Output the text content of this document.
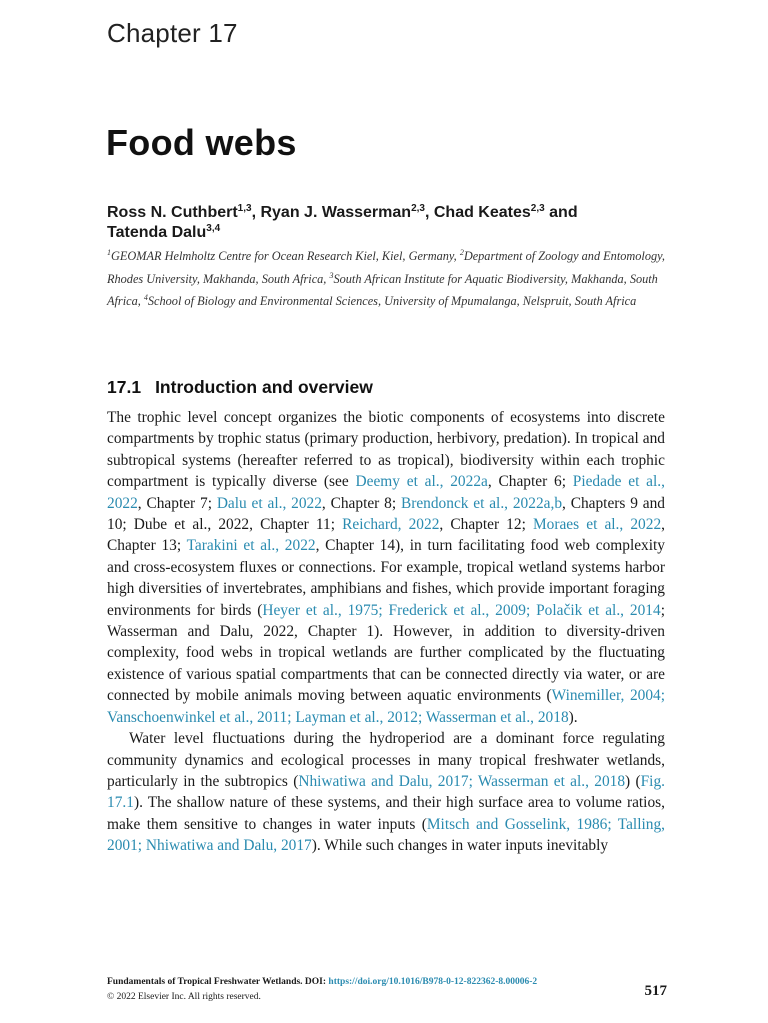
Chapter 17
Food webs
Ross N. Cuthbert$^{1,3}$, Ryan J. Wasserman$^{2,3}$, Chad Keates$^{2,3}$ and
Tatenda Dalu$^{3,4}$
$^1$GEOMAR Helmholtz Centre for Ocean Research Kiel, Kiel, Germany, $^2$Department of Zoology and Entomology, Rhodes University, Makhanda, South Africa, $^3$South African Institute for Aquatic Biodiversity, Makhanda, South Africa, $^4$School of Biology and Environmental Sciences, University of Mpumalanga, Nelspruit, South Africa
17.1 Introduction and overview

The trophic level concept organizes the biotic components of ecosystems into discrete compartments by trophic status (primary production, herbivory, predation). In tropical and subtropical systems (hereafter referred to as tropical), biodiversity within each trophic compartment is typically diverse (see Deemy et al., 2022a, Chapter 6; Piedade et al., 2022, Chapter 7; Dalu et al., 2022, Chapter 8; Brendonck et al., 2022a,b, Chapters 9 and 10; Dube et al., 2022, Chapter 11; Reichard, 2022, Chapter 12; Moraes et al., 2022, Chapter 13; Tarakini et al., 2022, Chapter 14), in turn facilitating food web complexity and cross-ecosystem fluxes or connections. For example, tropical wetland systems harbor high diversities of invertebrates, amphibians and fishes, which provide important foraging environments for birds (Heyer et al., 1975; Frederick et al., 2009; Polačik et al., 2014; Wasserman and Dalu, 2022, Chapter 1). However, in addition to diversity-driven complexity, food webs in tropical wetlands are further complicated by the fluctuating existence of various spatial compartments that can be connected directly via water, or are connected by mobile animals moving between aquatic environments (Winemiller, 2004; Vanschoenwinkel et al., 2011; Layman et al., 2012; Wasserman et al., 2018).

Water level fluctuations during the hydroperiod are a dominant force regulating community dynamics and ecological processes in many tropical freshwater wetlands, particularly in the subtropics (Nhiwatiwa and Dalu, 2017; Wasserman et al., 2018) (Fig. 17.1). The shallow nature of these systems, and their high surface area to volume ratios, make them sensitive to changes in water inputs (Mitsch and Gosselink, 1986; Talling, 2001; Nhiwatiwa and Dalu, 2017). While such changes in water inputs inevitably

Fundamentals of Tropical Freshwater Wetlands. DOI: https://doi.org/10.1016/B978-0-12-822362-8.00006-2
© 2022 Elsevier Inc. All rights reserved.	517
